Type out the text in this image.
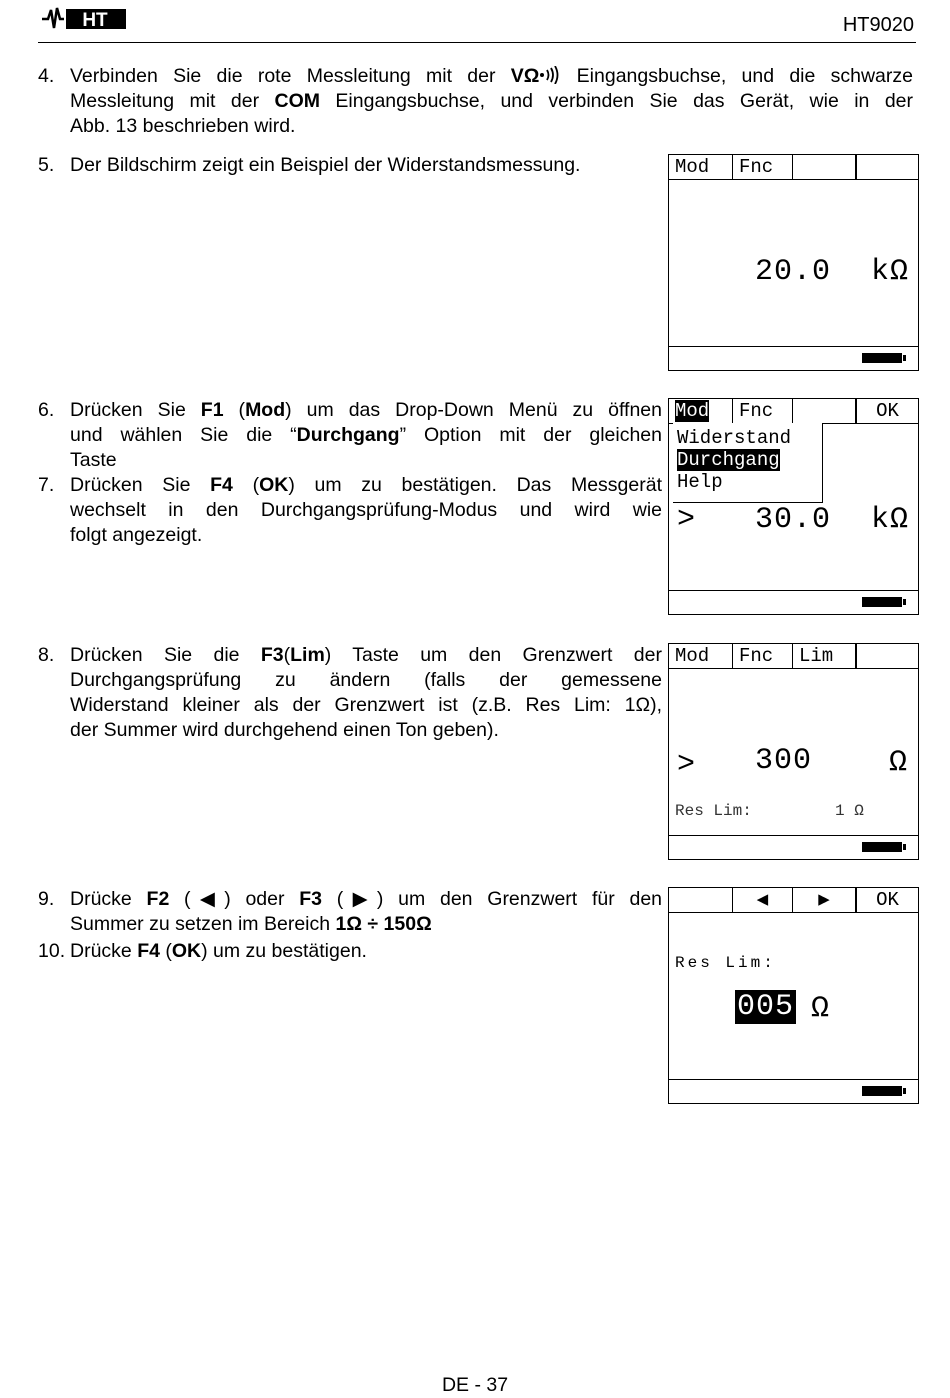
HT	HT9020
4. Verbinden Sie die rote Messleitung mit der VΩ Eingangsbuchse, und die schwarze
Messleitung mit der COM Eingangsbuchse, und verbinden Sie das Gerät, wie in der
Abb. 13 beschrieben wird.
5. Der Bildschirm zeigt ein Beispiel der Widerstandsmessung.	Mod	Fnc
20.0 kΩ
6. Drücken Sie F1 (Mod) um das Drop-Down Menü zu öffnen
und wählen Sie die “Durchgang” Option mit der gleichen
Taste
7. Drücken Sie F4 (OK) um zu bestätigen. Das Messgerät
wechselt in den Durchgangsprüfung-Modus und wird wie
folgt angezeigt.
Mod	Fnc	OK
> 30.0 kΩ
Widerstand
Durchgang
Help
8. Drücken Sie die F3(Lim) Taste um den Grenzwert der
Durchgangsprüfung zu ändern (falls der gemessene
Widerstand kleiner als der Grenzwert ist (z.B. Res Lim: 1Ω),
der Summer wird durchgehend einen Ton geben).
Mod	Fnc	Lim
> 300	Ω
Res Lim:	1 Ω
9. Drücke F2 (◀) oder F3 (▶) um den Grenzwert für den
Summer zu setzen im Bereich 1Ω ÷ 150Ω
10. Drücke F4 (OK) um zu bestätigen.
◀	▶	OK
Res Lim:
005 Ω
DE - 37
